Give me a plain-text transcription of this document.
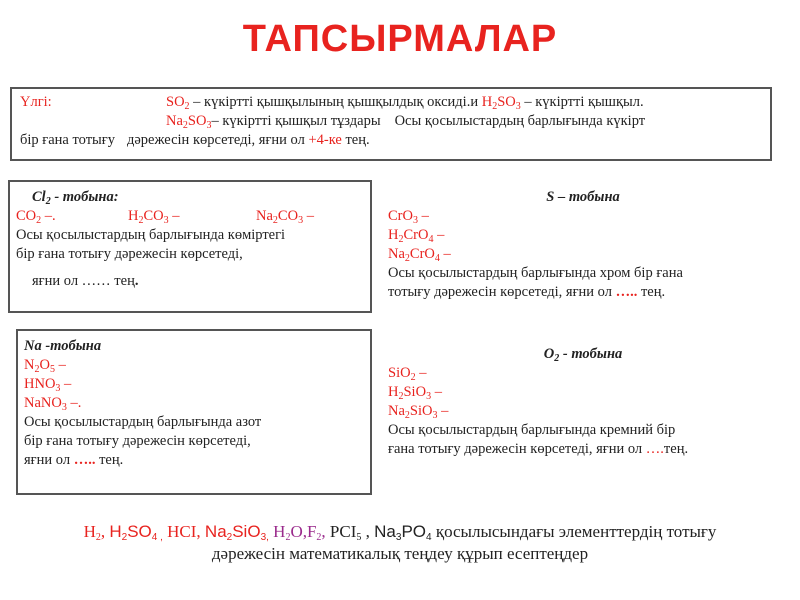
ТАПСЫРМАЛАР
Үлгі:	$SO_2$ – күкіртті қышқылының қышқылдық оксиді.и $H_2SO_3$ – күкіртті қышқыл.
$Na_2SO_3-$ күкіртті қышқыл тұздары Осы қосылыстардың барлығында күкірт
бір ғана тотығу дәрежесін көрсетеді, яғни ол +4-ке тең.
$Cl_2$ - тобына:
$CO_2$ –.	$H_2CO_3$ –	$Na_2CO_3$ –
Осы қосылыстардың барлығында көміртегі
бір ғана тотығу дәрежесін көрсетеді,
яғни ол …… тең.
Na -тобына
$N_2O_5$ –
$HNO_3$ –
NaNO$_3$ –.
Осы қосылыстардың барлығында азот
бір ғана тотығу дәрежесін көрсетеді,
яғни ол ….. тең.
S – тобына
CrO$_3$ –
$H_2CrO_4$ –
$Na_2CrO_4$ –
Осы қосылыстардың барлығында хром бір ғана
тотығу дәрежесін көрсетеді, яғни ол ….. тең.
$O_2$ - тобына
SiO$_2$ –
$H_2SiO_3$ –
$Na_2SiO_3$ –
Осы қосылыстардың барлығында кремний бір
ғана тотығу дәрежесін көрсетеді, яғни ол ….тең.
$H_2$, $H_2SO_{4 ,}$ HCI, $Na_2SiO_{3,}$ $H_2O,F_2$, $PCI_5$ , $Na_3PO_4$ қосылысындағы элементтердің тотығу
дәрежесін математикалық теңдеу құрып есептеңдер
